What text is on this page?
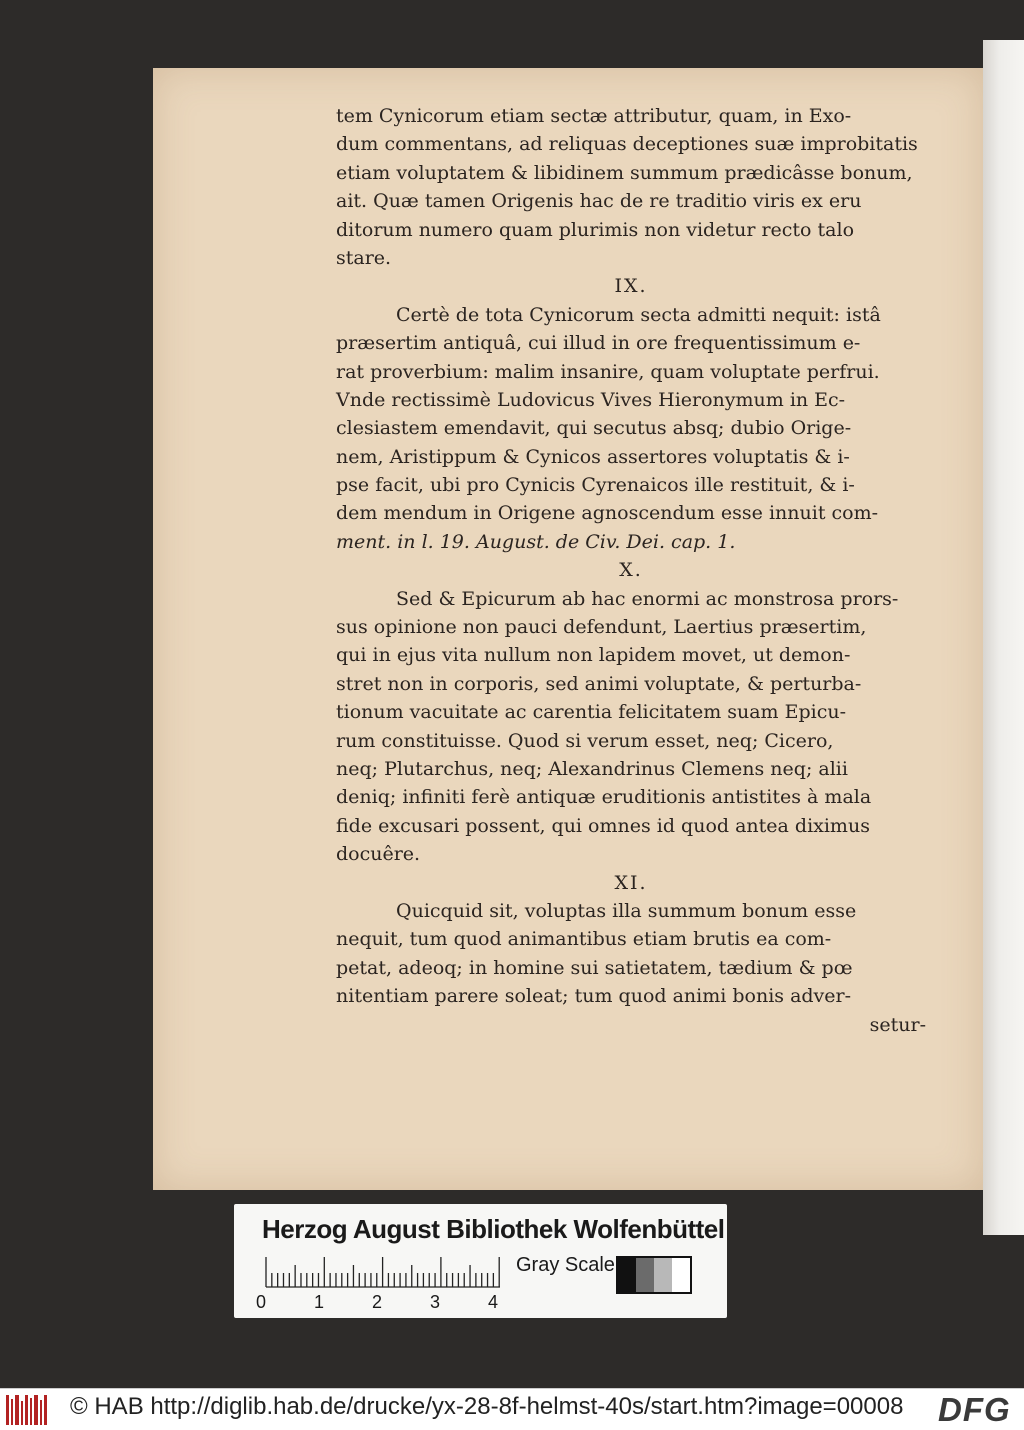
tem Cynicorum etiam sectæ attributur, quam, in Exo-
dum commentans, ad reliquas deceptiones suæ improbitatis
etiam voluptatem & libidinem summum prædicâsse bonum,
ait. Quæ tamen Origenis hac de re traditio viris ex eru
ditorum numero quam plurimis non videtur recto talo
stare.
IX.
Certè de tota Cynicorum secta admitti nequit: istâ
præsertim antiquâ, cui illud in ore frequentissimum e-
rat proverbium: malim insanire, quam voluptate perfrui.
Vnde rectissimè Ludovicus Vives Hieronymum in Ec-
clesiastem emendavit, qui secutus absq; dubio Orige-
nem, Aristippum & Cynicos assertores voluptatis & i-
pse facit, ubi pro Cynicis Cyrenaicos ille restituit, & i-
dem mendum in Origene agnoscendum esse innuit com-
ment. in l. 19. August. de Civ. Dei. cap. 1.
X.
Sed & Epicurum ab hac enormi ac monstrosa prors-
sus opinione non pauci defendunt, Laertius præsertim,
qui in ejus vita nullum non lapidem movet, ut demon-
stret non in corporis, sed animi voluptate, & perturba-
tionum vacuitate ac carentia felicitatem suam Epicu-
rum constituisse. Quod si verum esset, neq; Cicero,
neq; Plutarchus, neq; Alexandrinus Clemens neq; alii
deniq; infiniti ferè antiquæ eruditionis antistites à mala
fide excusari possent, qui omnes id quod antea diximus
docuêre.
XI.
Quicquid sit, voluptas illa summum bonum esse
nequit, tum quod animantibus etiam brutis ea com-
petat, adeoq; in homine sui satietatem, tædium & pœ
nitentiam parere soleat; tum quod animi bonis adver-
setur-
Herzog August Bibliothek Wolfenbüttel
0	1	2	3	4
Gray Scale
© HAB http://diglib.hab.de/drucke/yx-28-8f-helmst-40s/start.htm?image=00008 DFG
